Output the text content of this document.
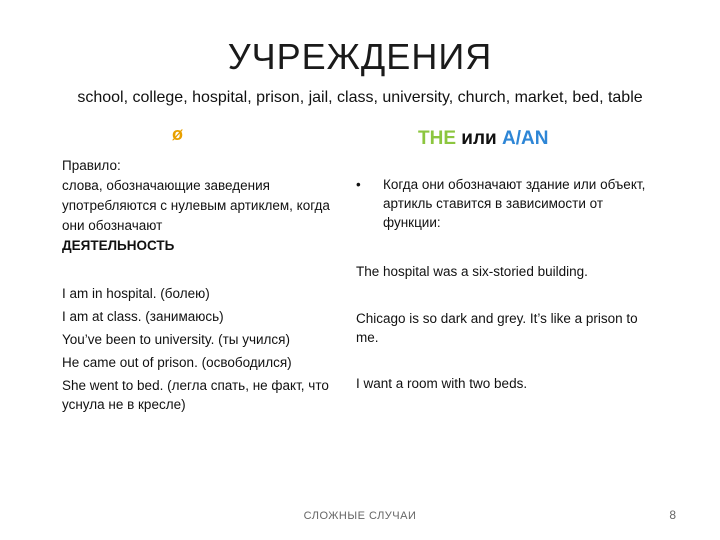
УЧРЕЖДЕНИЯ
school, college, hospital, prison, jail, class, university, church, market, bed, table
ø	THE или A/AN
Правило:
слова, обозначающие заведения употребляются с нулевым артиклем, когда они обозначают
ДЕЯТЕЛЬНОСТЬ
• Когда они обозначают здание или объект, артикль ставится в зависимости от функции:
I am in hospital. (болею)
I am at class. (занимаюсь)
You’ve been to university. (ты учился)
He came out of prison. (освободился)
She went to bed. (легла спать, не факт, что уснула не в кресле)
The hospital was a six-storied building.
Chicago is so dark and grey. It’s like a prison to me.
I want a room with two beds.
СЛОЖНЫЕ СЛУЧАИ	8
